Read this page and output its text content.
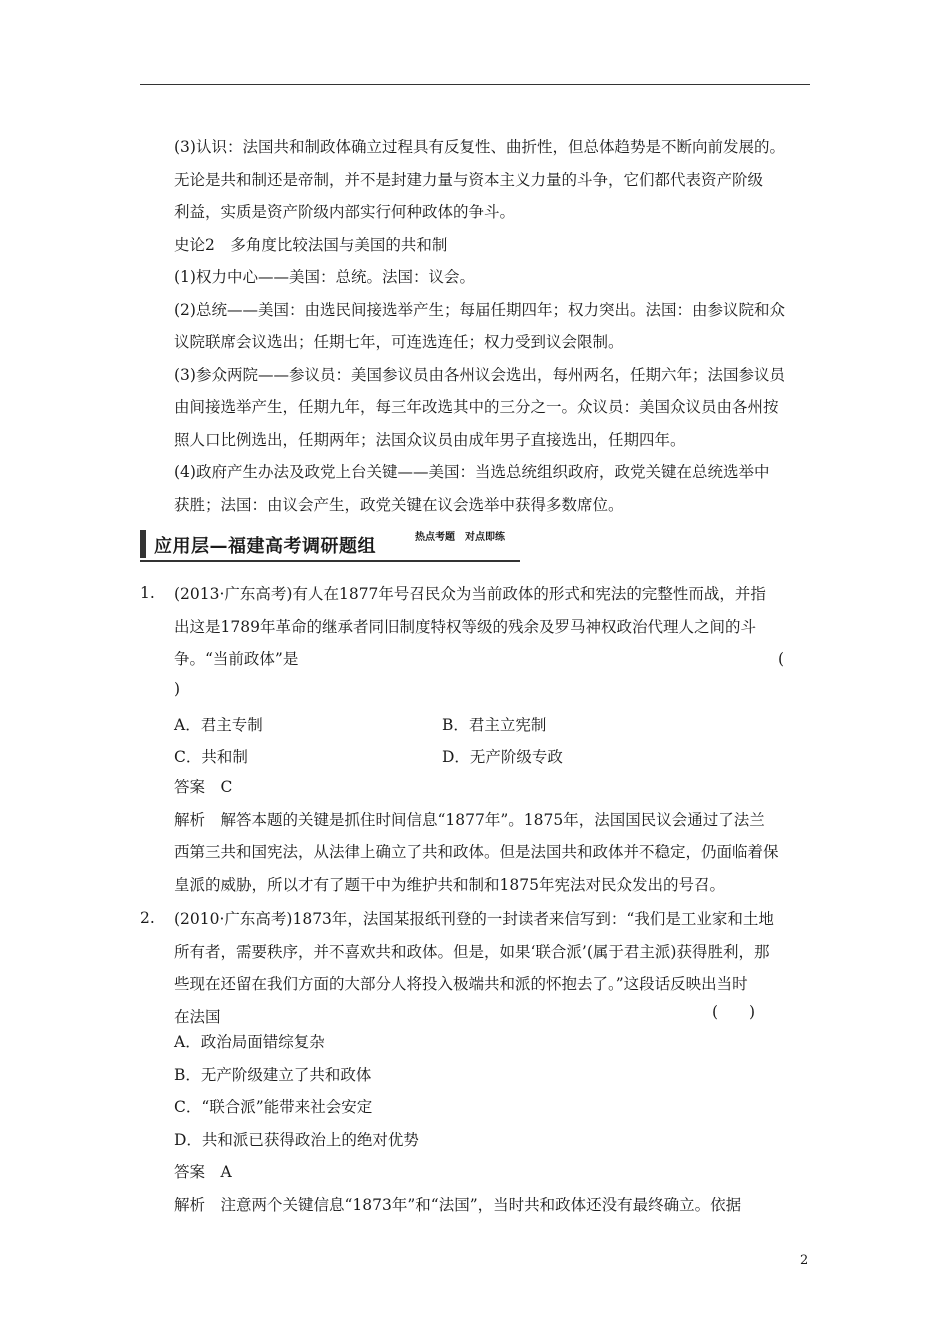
(3)认识：法国共和制政体确立过程具有反复性、曲折性，但总体趋势是不断向前发展的。
无论是共和制还是帝制，并不是封建力量与资本主义力量的斗争，它们都代表资产阶级
利益，实质是资产阶级内部实行何种政体的争斗。
史论2　多角度比较法国与美国的共和制
(1)权力中心——美国：总统。法国：议会。
(2)总统——美国：由选民间接选举产生；每届任期四年；权力突出。法国：由参议院和众
议院联席会议选出；任期七年，可连选连任；权力受到议会限制。
(3)参众两院——参议员：美国参议员由各州议会选出，每州两名，任期六年；法国参议员
由间接选举产生，任期九年，每三年改选其中的三分之一。众议员：美国众议员由各州按
照人口比例选出，任期两年；法国众议员由成年男子直接选出，任期四年。
(4)政府产生办法及政党上台关键——美国：当选总统组织政府，政党关键在总统选举中
获胜；法国：由议会产生，政党关键在议会选举中获得多数席位。
应用层—福建高考调研题组	热点考题　对点即练
1. (2013·广东高考)有人在1877年号召民众为当前政体的形式和宪法的完整性而战，并指
出这是1789年革命的继承者同旧制度特权等级的残余及罗马神权政治代理人之间的斗
争。“当前政体”是	(
)
A．君主专制	B．君主立宪制
C．共和制	D．无产阶级专政
答案　C
解析　解答本题的关键是抓住时间信息“1877年”。1875年，法国国民议会通过了法兰
西第三共和国宪法，从法律上确立了共和政体。但是法国共和政体并不稳定，仍面临着保
皇派的威胁，所以才有了题干中为维护共和制和1875年宪法对民众发出的号召。
2. (2010·广东高考)1873年，法国某报纸刊登的一封读者来信写到：“我们是工业家和土地
所有者，需要秩序，并不喜欢共和政体。但是，如果‘联合派’(属于君主派)获得胜利，那
些现在还留在我们方面的大部分人将投入极端共和派的怀抱去了。”这段话反映出当时
在法国	(　　)
A．政治局面错综复杂
B．无产阶级建立了共和政体
C．“联合派”能带来社会安定
D．共和派已获得政治上的绝对优势
答案　A
解析　注意两个关键信息“1873年”和“法国”，当时共和政体还没有最终确立。依据
2
